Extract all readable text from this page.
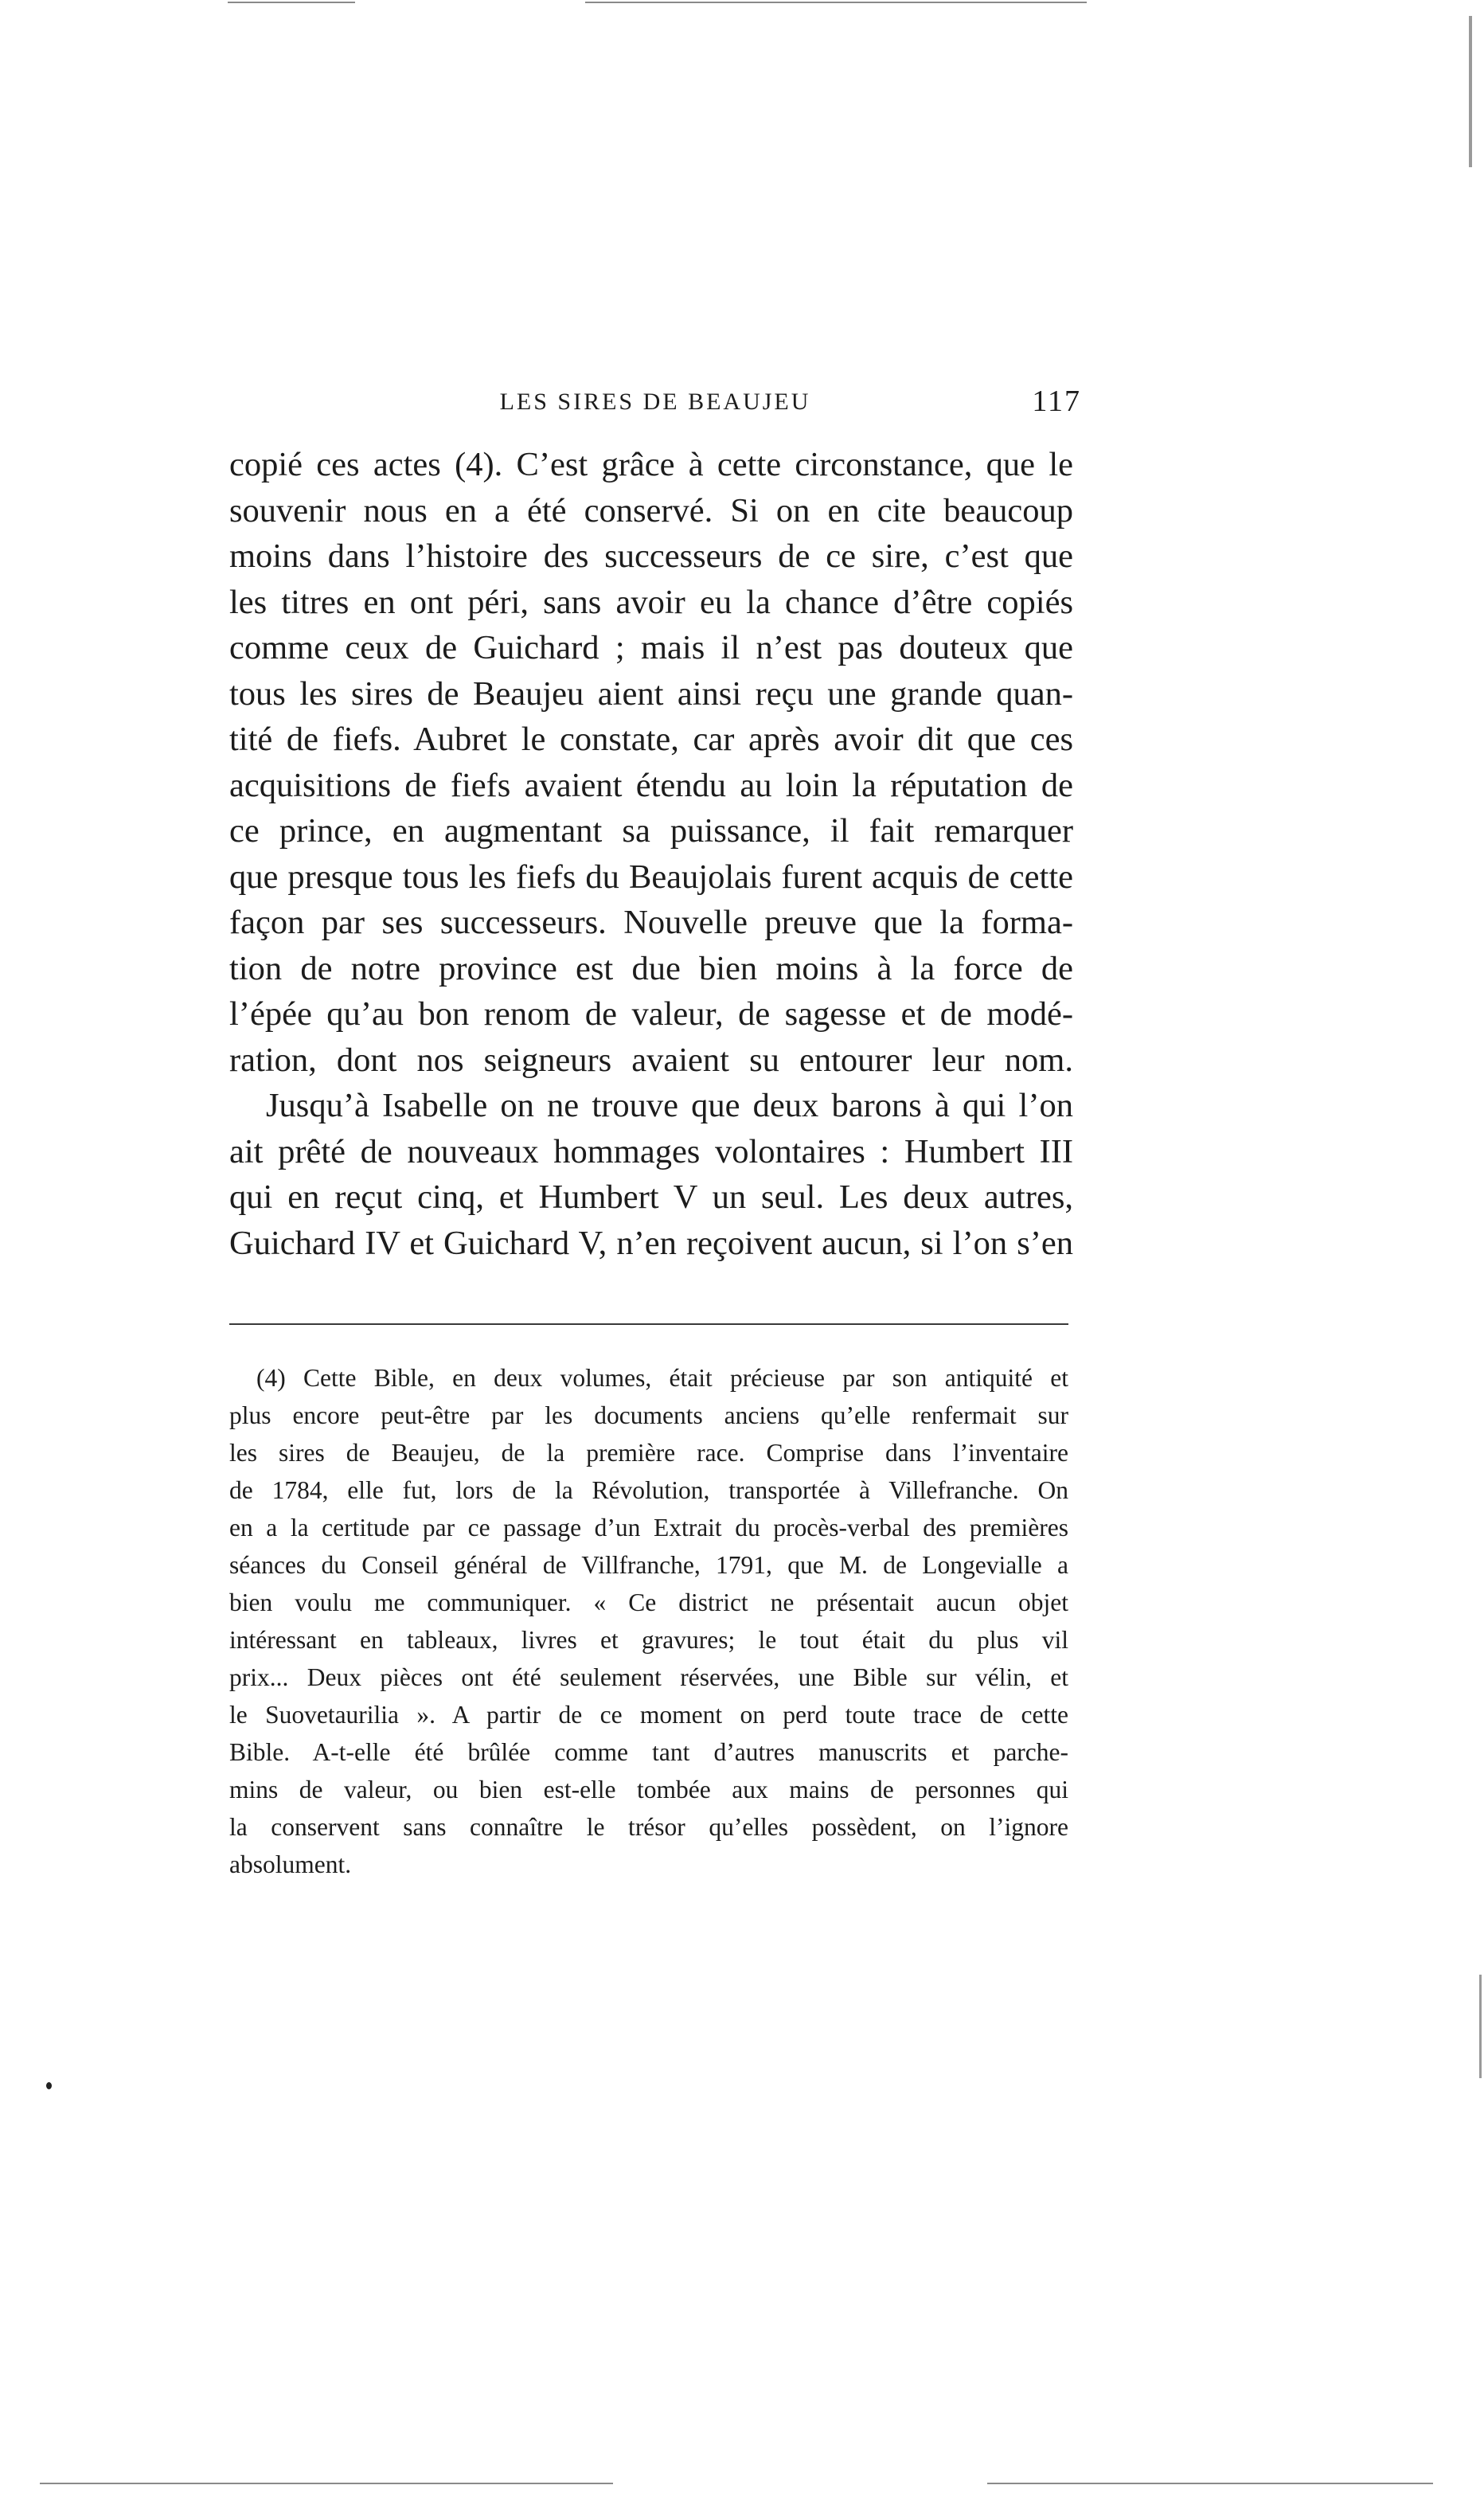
LES SIRES DE BEAUJEU	117
copié ces actes (4). C’est grâce à cette circonstance, que le
souvenir nous en a été conservé. Si on en cite beaucoup
moins dans l’histoire des successeurs de ce sire, c’est que
les titres en ont péri, sans avoir eu la chance d’être copiés
comme ceux de Guichard ; mais il n’est pas douteux que
tous les sires de Beaujeu aient ainsi reçu une grande quan-
tité de fiefs. Aubret le constate, car après avoir dit que ces
acquisitions de fiefs avaient étendu au loin la réputation de
ce prince, en augmentant sa puissance, il fait remarquer
que presque tous les fiefs du Beaujolais furent acquis de cette
façon par ses successeurs. Nouvelle preuve que la forma-
tion de notre province est due bien moins à la force de
l’épée qu’au bon renom de valeur, de sagesse et de modé-
ration, dont nos seigneurs avaient su entourer leur nom.
Jusqu’à Isabelle on ne trouve que deux barons à qui l’on
ait prêté de nouveaux hommages volontaires : Humbert III
qui en reçut cinq, et Humbert V un seul. Les deux autres,
Guichard IV et Guichard V, n’en reçoivent aucun, si l’on s’en
(4) Cette Bible, en deux volumes, était précieuse par son antiquité et
plus encore peut-être par les documents anciens qu’elle renfermait sur
les sires de Beaujeu, de la première race. Comprise dans l’inventaire
de 1784, elle fut, lors de la Révolution, transportée à Villefranche. On
en a la certitude par ce passage d’un Extrait du procès-verbal des premières
séances du Conseil général de Villfranche, 1791, que M. de Longevialle a
bien voulu me communiquer. « Ce district ne présentait aucun objet
intéressant en tableaux, livres et gravures; le tout était du plus vil
prix... Deux pièces ont été seulement réservées, une Bible sur vélin, et
le Suovetaurilia ». A partir de ce moment on perd toute trace de cette
Bible. A-t-elle été brûlée comme tant d’autres manuscrits et parche-
mins de valeur, ou bien est-elle tombée aux mains de personnes qui
la conservent sans connaître le trésor qu’elles possèdent, on l’ignore
absolument.
